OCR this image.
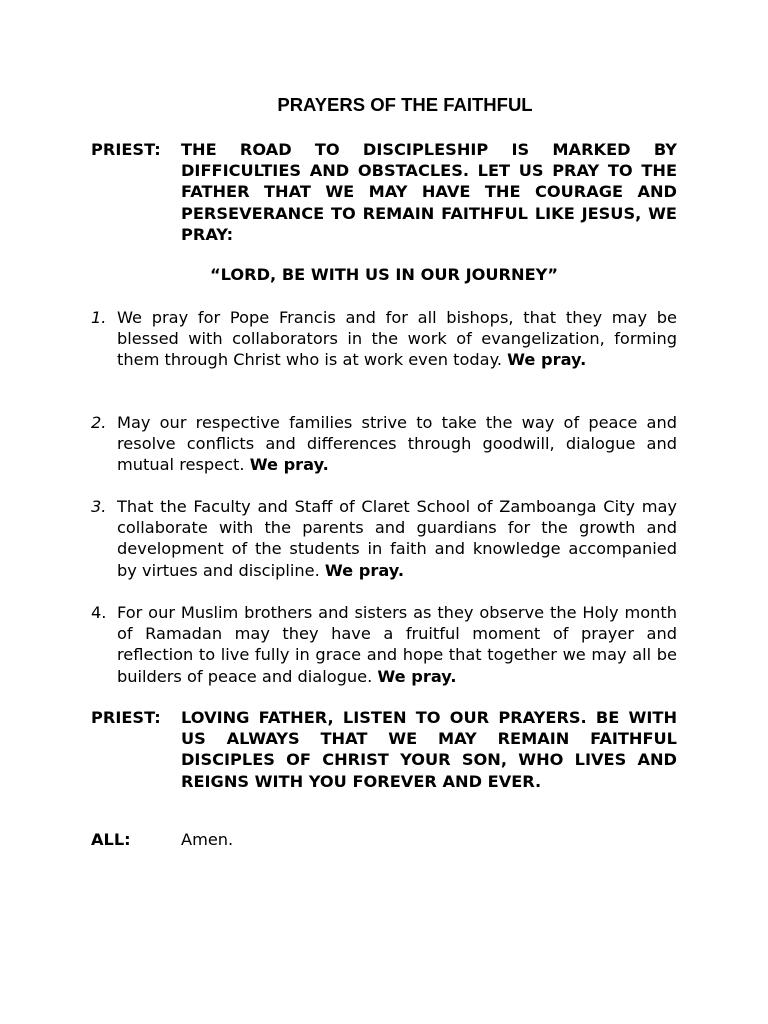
PRAYERS OF THE FAITHFUL
PRIEST:	THE ROAD TO DISCIPLESHIP IS MARKED BY DIFFICULTIES AND OBSTACLES. LET US PRAY TO THE FATHER THAT WE MAY HAVE THE COURAGE AND PERSEVERANCE TO REMAIN FAITHFUL LIKE JESUS, WE PRAY:
“LORD, BE WITH US IN OUR JOURNEY”
1. We pray for Pope Francis and for all bishops, that they may be blessed with collaborators in the work of evangelization, forming them through Christ who is at work even today. We pray.
2. May our respective families strive to take the way of peace and resolve conflicts and differences through goodwill, dialogue and mutual respect. We pray.
3. That the Faculty and Staff of Claret School of Zamboanga City may collaborate with the parents and guardians for the growth and development of the students in faith and knowledge accompanied by virtues and discipline. We pray.
4. For our Muslim brothers and sisters as they observe the Holy month of Ramadan may they have a fruitful moment of prayer and reflection to live fully in grace and hope that together we may all be builders of peace and dialogue. We pray.
PRIEST:	LOVING FATHER, LISTEN TO OUR PRAYERS. BE WITH US ALWAYS THAT WE MAY REMAIN FAITHFUL DISCIPLES OF CHRIST YOUR SON, WHO LIVES AND REIGNS WITH YOU FOREVER AND EVER.
ALL:	Amen.
